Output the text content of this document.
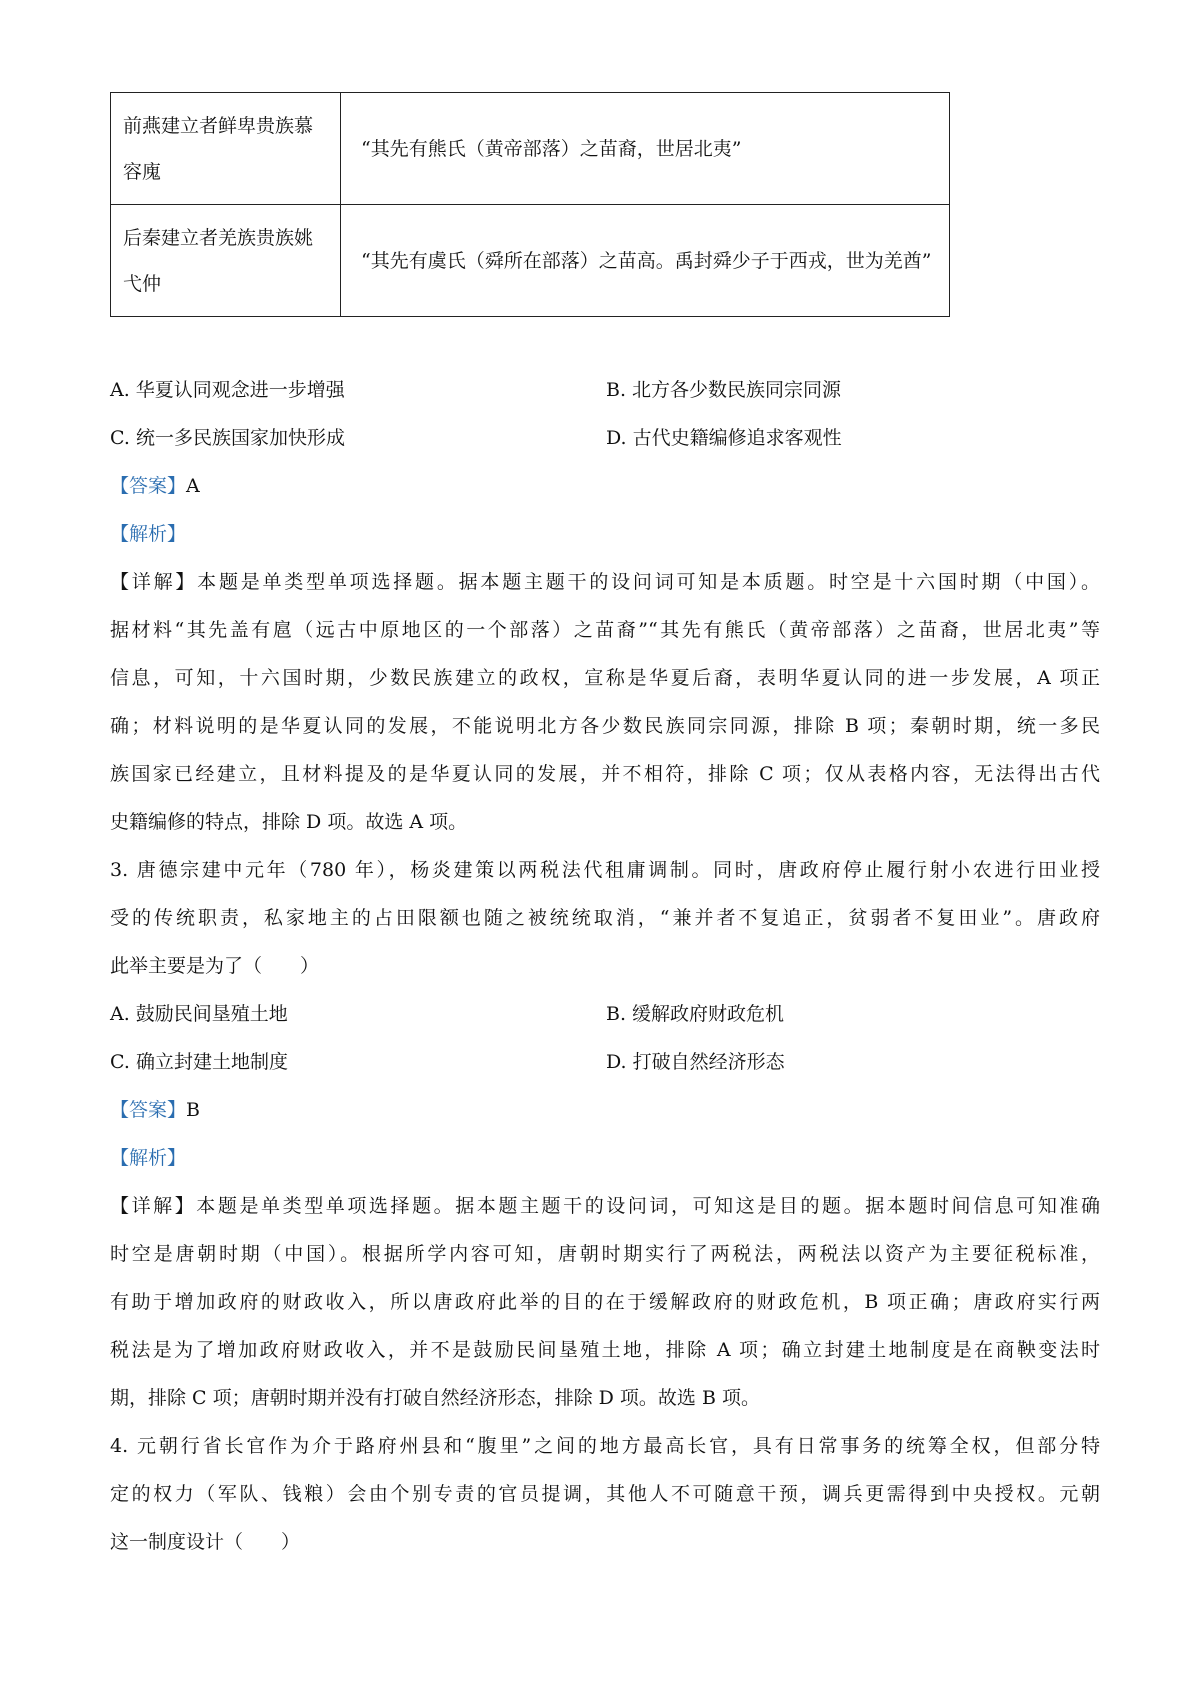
前燕建立者鲜卑贵族慕容廆	“其先有熊氏（黄帝部落）之苗裔，世居北夷”
后秦建立者羌族贵族姚弋仲	“其先有虞氏（舜所在部落）之苗高。禹封舜少子于西戎，世为羌酋”
A. 华夏认同观念进一步增强	B. 北方各少数民族同宗同源
C. 统一多民族国家加快形成	D. 古代史籍编修追求客观性
【答案】A
【解析】
【详解】本题是单类型单项选择题。据本题主题干的设问词可知是本质题。时空是十六国时期（中国）。
据材料“其先盖有扈（远古中原地区的一个部落）之苗裔”“其先有熊氏（黄帝部落）之苗裔，世居北夷”等
信息，可知，十六国时期，少数民族建立的政权，宣称是华夏后裔，表明华夏认同的进一步发展，A 项正
确；材料说明的是华夏认同的发展，不能说明北方各少数民族同宗同源，排除 B 项；秦朝时期，统一多民
族国家已经建立，且材料提及的是华夏认同的发展，并不相符，排除 C 项；仅从表格内容，无法得出古代
史籍编修的特点，排除 D 项。故选 A 项。
3. 唐德宗建中元年（780 年），杨炎建策以两税法代租庸调制。同时，唐政府停止履行射小农进行田业授
受的传统职责，私家地主的占田限额也随之被统统取消，“兼并者不复追正，贫弱者不复田业”。唐政府
此举主要是为了（　　）
A. 鼓励民间垦殖土地	B. 缓解政府财政危机
C. 确立封建土地制度	D. 打破自然经济形态
【答案】B
【解析】
【详解】本题是单类型单项选择题。据本题主题干的设问词，可知这是目的题。据本题时间信息可知准确
时空是唐朝时期（中国）。根据所学内容可知，唐朝时期实行了两税法，两税法以资产为主要征税标准，
有助于增加政府的财政收入，所以唐政府此举的目的在于缓解政府的财政危机，B 项正确；唐政府实行两
税法是为了增加政府财政收入，并不是鼓励民间垦殖土地，排除 A 项；确立封建土地制度是在商鞅变法时
期，排除 C 项；唐朝时期并没有打破自然经济形态，排除 D 项。故选 B 项。
4. 元朝行省长官作为介于路府州县和“腹里”之间的地方最高长官，具有日常事务的统筹全权，但部分特
定的权力（军队、钱粮）会由个别专责的官员提调，其他人不可随意干预，调兵更需得到中央授权。元朝
这一制度设计（　　）
